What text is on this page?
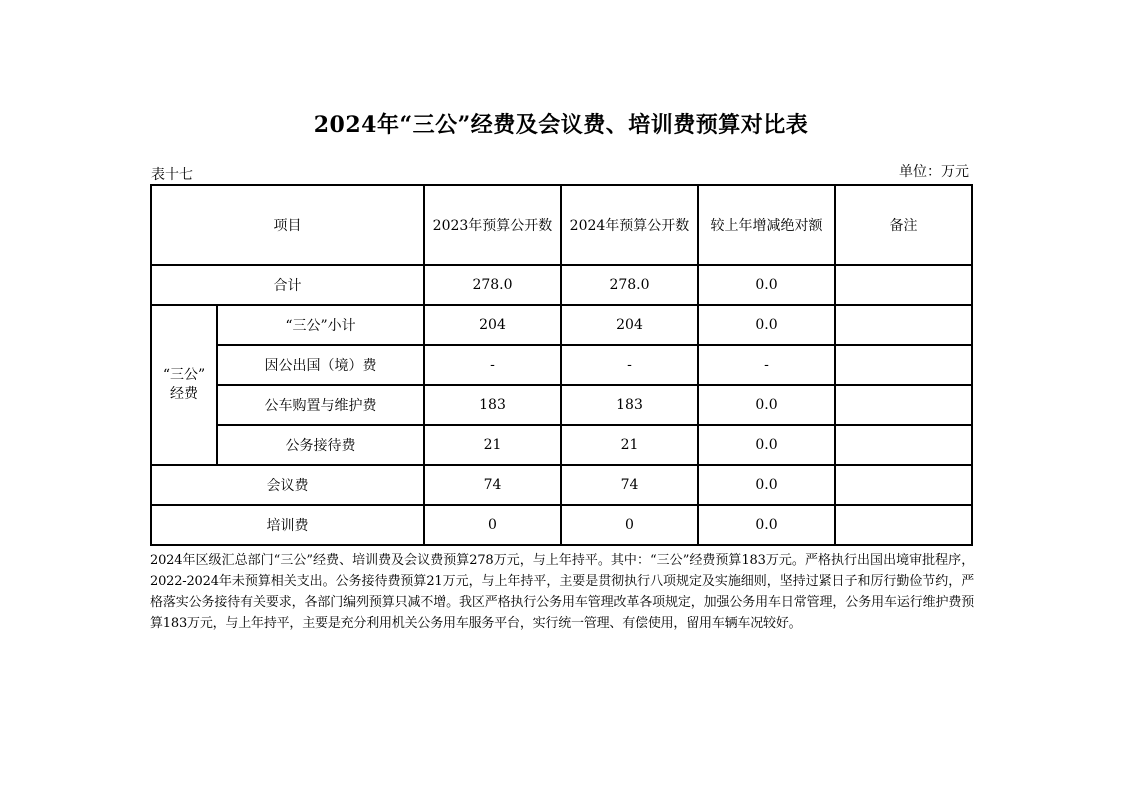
2024年“三公”经费及会议费、培训费预算对比表
表十七	单位：万元
项目		2023年预算公开数	2024年预算公开数	较上年增减绝对额	备注
合计		278.0	278.0	0.0	
“三公”
经费	“三公”小计	204	204	0.0	
	因公出国（境）费	-	-	-	
	公车购置与维护费	183	183	0.0	
	公务接待费	21	21	0.0	
会议费		74	74	0.0	
培训费		0	0	0.0	
2024年区级汇总部门“三公”经费、培训费及会议费预算278万元，与上年持平。其中：“三公”经费预算183万元。严格执行出国出境审批程序，2022-2024年未预算相关支出。公务接待费预算21万元，与上年持平，主要是贯彻执行八项规定及实施细则，坚持过紧日子和厉行勤俭节约，严格落实公务接待有关要求，各部门编列预算只减不增。我区严格执行公务用车管理改革各项规定，加强公务用车日常管理，公务用车运行维护费预算183万元，与上年持平，主要是充分利用机关公务用车服务平台，实行统一管理、有偿使用，留用车辆车况较好。
